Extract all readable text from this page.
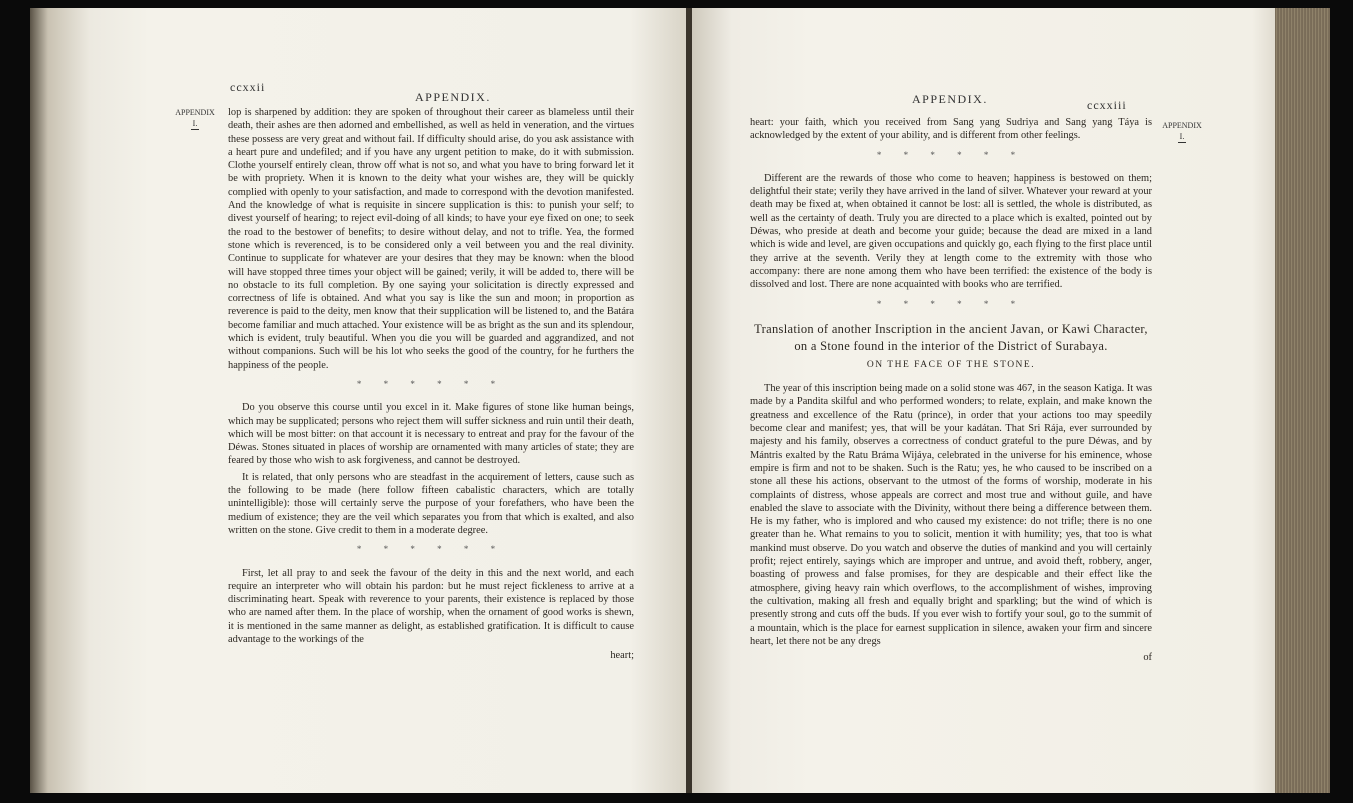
ccxxii
APPENDIX.
APPENDIX
I.

lop is sharpened by addition: they are spoken of throughout their career as blameless until their death, their ashes are then adorned and embellished, as well as held in veneration, and the virtues these possess are very great and without fail. If difficulty should arise, do you ask assistance with a heart pure and undefiled; and if you have any urgent petition to make, do it with submission. Clothe yourself entirely clean, throw off what is not so, and what you have to bring forward let it be with propriety. When it is known to the deity what your wishes are, they will be quickly complied with openly to your satisfaction, and made to correspond with the devotion manifested. And the knowledge of what is requisite in sincere supplication is this: to punish your self; to divest yourself of hearing; to reject evil-doing of all kinds; to have your eye fixed on one; to seek the road to the bestower of benefits; to desire without delay, and not to trifle. Yea, the formed stone which is reverenced, is to be considered only a veil between you and the real divinity. Continue to supplicate for whatever are your desires that they may be known: when the blood will have stopped three times your object will be gained; verily, it will be added to, there will be no obstacle to its full completion. By one saying your solicitation is directly expressed and correctness of life is obtained. And what you say is like the sun and moon; in proportion as reverence is paid to the deity, men know that their supplication will be listened to, and the Batára become familiar and much attached. Your existence will be as bright as the sun and its splendour, which is evident, truly beautiful. When you die you will be guarded and aggrandized, and not without companions. Such will be his lot who seeks the good of the country, for he furthers the happiness of the people.

* * * * * *

Do you observe this course until you excel in it. Make figures of stone like human beings, which may be supplicated; persons who reject them will suffer sickness and ruin until their death, which will be most bitter: on that account it is necessary to entreat and pray for the favour of the Déwas. Stones situated in places of worship are ornamented with many articles of state; they are feared by those who wish to ask forgiveness, and cannot be destroyed.

It is related, that only persons who are steadfast in the acquirement of letters, cause such as the following to be made (here follow fifteen cabalistic characters, which are totally unintelligible): those will certainly serve the purpose of your forefathers, who have been the medium of existence; they are the veil which separates you from that which is exalted, and also written on the stone. Give credit to them in a moderate degree.

* * * * * *

First, let all pray to and seek the favour of the deity in this and the next world, and each require an interpreter who will obtain his pardon: but he must reject fickleness to arrive at a discriminating heart. Speak with reverence to your parents, their existence is replaced by those who are named after them. In the place of worship, when the ornament of good works is shewn, it is mentioned in the same manner as delight, as established gratification. It is difficult to cause advantage to the workings of the

heart;
APPENDIX.	ccxxiii
APPENDIX
I.

heart: your faith, which you received from Sang yang Sudriya and Sang yang Táya is acknowledged by the extent of your ability, and is different from other feelings.

* * * * * *

Different are the rewards of those who come to heaven; happiness is bestowed on them; delightful their state; verily they have arrived in the land of silver. Whatever your reward at your death may be fixed at, when obtained it cannot be lost: all is settled, the whole is distributed, as well as the certainty of death. Truly you are directed to a place which is exalted, pointed out by Déwas, who preside at death and become your guide; because the dead are mixed in a land which is wide and level, are given occupations and quickly go, each flying to the first place until they arrive at the seventh. Verily they at length come to the extremity with those who accompany: there are none among them who have been terrified: the existence of the body is dissolved and lost. There are none acquainted with books who are terrified.

* * * * * *
Translation of another Inscription in the ancient Javan, or Kawi Character, on a Stone found in the interior of the District of Surabaya.
ON THE FACE OF THE STONE.

The year of this inscription being made on a solid stone was 467, in the season Katiga. It was made by a Pandita skilful and who performed wonders; to relate, explain, and make known the greatness and excellence of the Ratu (prince), in order that your actions too may speedily become clear and manifest; yes, that will be your kadátan. That Sri Rája, ever surrounded by majesty and his family, observes a correctness of conduct grateful to the pure Déwas, and by Mántris exalted by the Ratu Bráma Wijáya, celebrated in the universe for his eminence, whose empire is firm and not to be shaken. Such is the Ratu; yes, he who caused to be inscribed on a stone all these his actions, observant to the utmost of the forms of worship, moderate in his complaints of distress, whose appeals are correct and most true and without guile, and have enabled the slave to associate with the Divinity, without there being a difference between them. He is my father, who is implored and who caused my existence: do not trifle; there is no one greater than he. What remains to you to solicit, mention it with humility; yes, that too is what mankind must observe. Do you watch and observe the duties of mankind and you will certainly profit; reject entirely, sayings which are improper and untrue, and avoid theft, robbery, anger, boasting of prowess and false promises, for they are despicable and their effect like the atmosphere, giving heavy rain which overflows, to the accomplishment of wishes, improving the cultivation, making all fresh and equally bright and sparkling; but the wind of which is presently strong and cuts off the buds. If you ever wish to fortify your soul, go to the summit of a mountain, which is the place for earnest supplication in silence, awaken your firm and sincere heart, let there not be any dregs

of
